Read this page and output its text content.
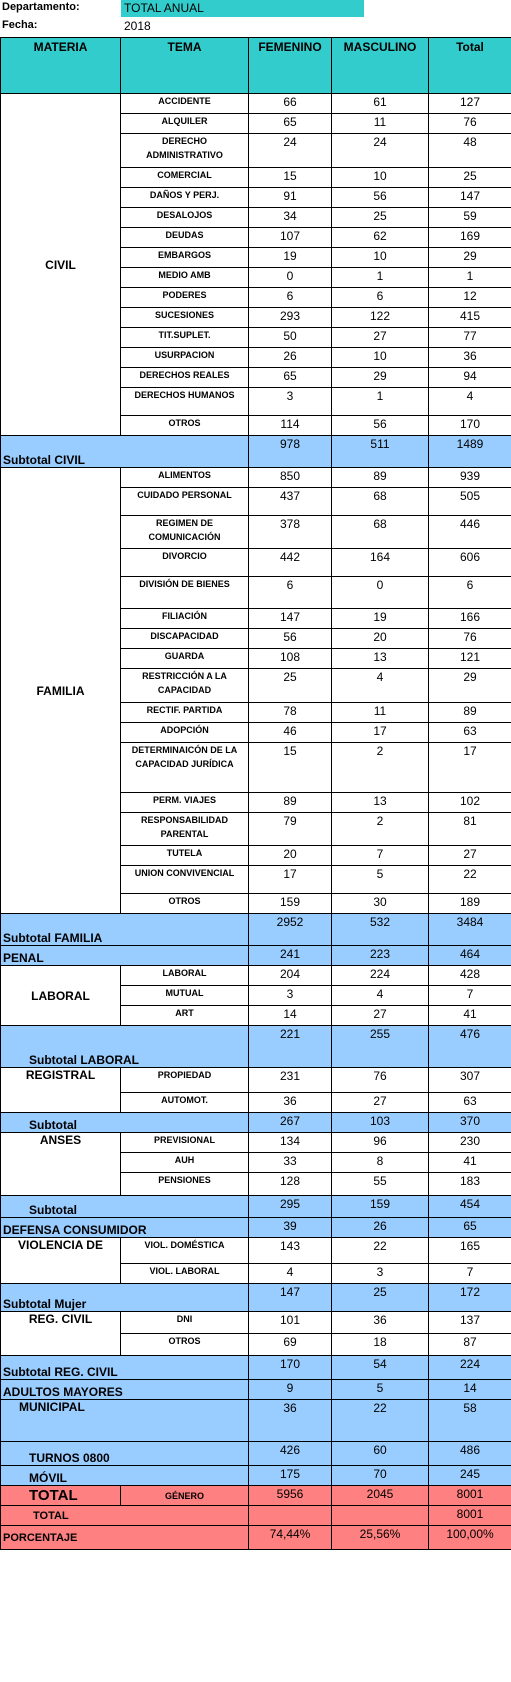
Departamento:	TOTAL ANUAL
Fecha:	2018
MATERIA	TEMA	FEMENINO	MASCULINO	Total
CIVIL	ACCIDENTE	66	61	127
	ALQUILER	65	11	76
	DERECHO ADMINISTRATIVO	24	24	48
	COMERCIAL	15	10	25
	DAÑOS Y PERJ.	91	56	147
	DESALOJOS	34	25	59
	DEUDAS	107	62	169
	EMBARGOS	19	10	29
	MEDIO AMB	0	1	1
	PODERES	6	6	12
	SUCESIONES	293	122	415
	TIT.SUPLET.	50	27	77
	USURPACION	26	10	36
	DERECHOS REALES	65	29	94
	DERECHOS HUMANOS	3	1	4
	OTROS	114	56	170
Subtotal CIVIL		978	511	1489
FAMILIA	ALIMENTOS	850	89	939
	CUIDADO PERSONAL	437	68	505
	REGIMEN DE COMUNICACIÓN	378	68	446
	DIVORCIO	442	164	606
	DIVISIÓN DE BIENES	6	0	6
	FILIACIÓN	147	19	166
	DISCAPACIDAD	56	20	76
	GUARDA	108	13	121
	RESTRICCIÓN A LA CAPACIDAD	25	4	29
	RECTIF. PARTIDA	78	11	89
	ADOPCIÓN	46	17	63
	DETERMINAICÓN DE LA CAPACIDAD JURÍDICA	15	2	17
	PERM. VIAJES	89	13	102
	RESPONSABILIDAD PARENTAL	79	2	81
	TUTELA	20	7	27
	UNION CONVIVENCIAL	17	5	22
	OTROS	159	30	189
Subtotal FAMILIA		2952	532	3484
PENAL		241	223	464
LABORAL	LABORAL	204	224	428
	MUTUAL	3	4	7
	ART	14	27	41
Subtotal LABORAL		221	255	476
REGISTRAL	PROPIEDAD	231	76	307
	AUTOMOT.	36	27	63
Subtotal		267	103	370
ANSES	PREVISIONAL	134	96	230
	AUH	33	8	41
	PENSIONES	128	55	183
Subtotal		295	159	454
DEFENSA CONSUMIDOR		39	26	65
VIOLENCIA DE	VIOL. DOMÉSTICA	143	22	165
	VIOL. LABORAL	4	3	7
Subtotal Mujer		147	25	172
REG. CIVIL	DNI	101	36	137
	OTROS	69	18	87
Subtotal REG. CIVIL		170	54	224
ADULTOS MAYORES		9	5	14
MUNICIPAL		36	22	58
TURNOS 0800		426	60	486
MÓVIL		175	70	245
TOTAL	GÉNERO	5956	2045	8001
TOTAL				8001
PORCENTAJE		74,44%	25,56%	100,00%
